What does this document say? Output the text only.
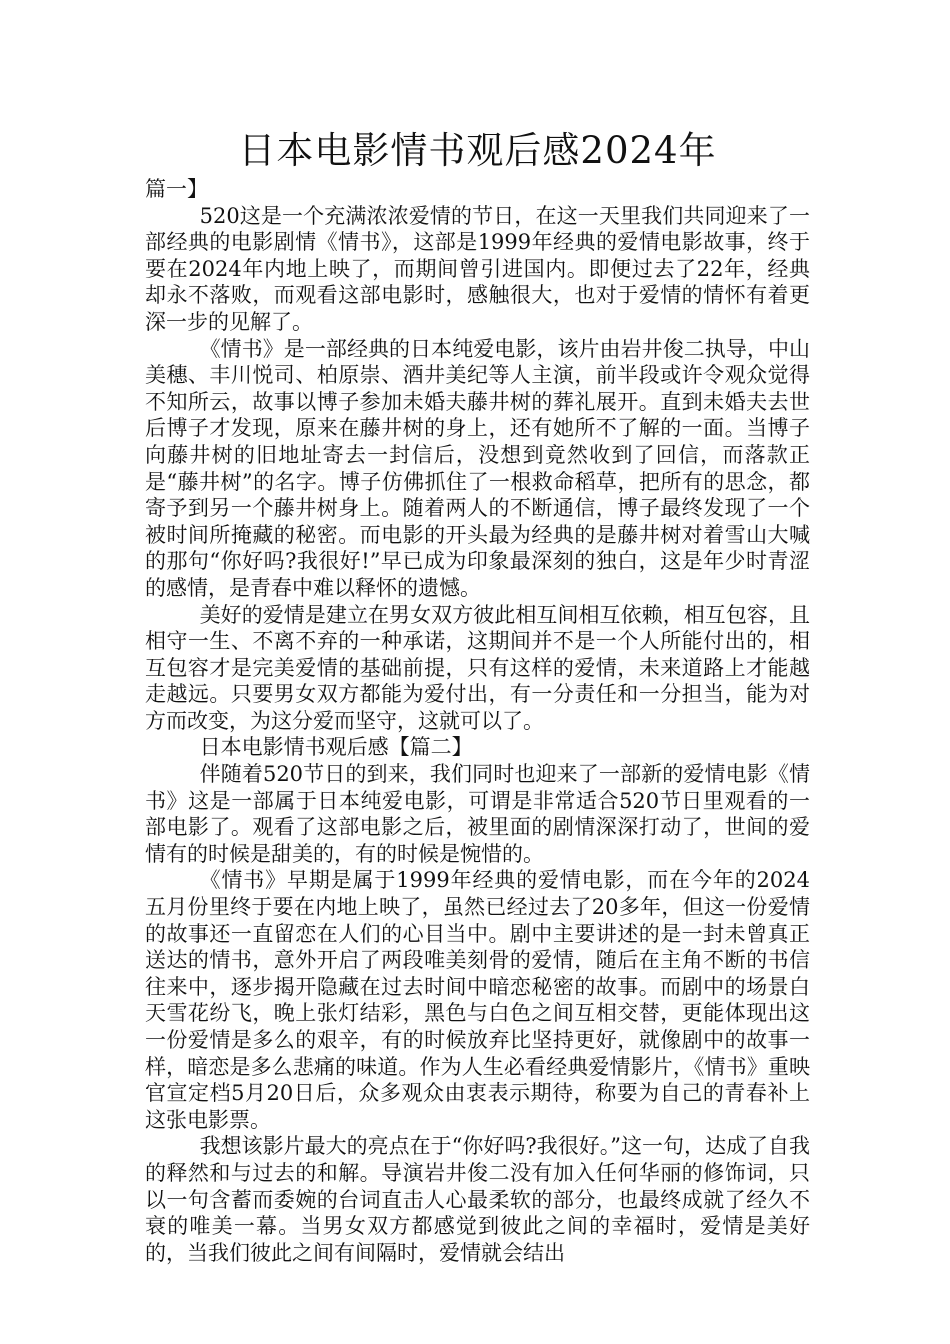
日本电影情书观后感2024年

篇一】

520这是一个充满浓浓爱情的节日，在这一天里我们共同迎来了一部经典的电影剧情《情书》，这部是1999年经典的爱情电影故事，终于要在2024年内地上映了，而期间曾引进国内。即便过去了22年，经典却永不落败，而观看这部电影时，感触很大，也对于爱情的情怀有着更深一步的见解了。

《情书》是一部经典的日本纯爱电影，该片由岩井俊二执导，中山美穗、丰川悦司、柏原崇、酒井美纪等人主演，前半段或许令观众觉得不知所云，故事以博子参加未婚夫藤井树的葬礼展开。直到未婚夫去世后博子才发现，原来在藤井树的身上，还有她所不了解的一面。当博子向藤井树的旧地址寄去一封信后，没想到竟然收到了回信，而落款正是“藤井树”的名字。博子仿佛抓住了一根救命稻草，把所有的思念，都寄予到另一个藤井树身上。随着两人的不断通信，博子最终发现了一个被时间所掩藏的秘密。而电影的开头最为经典的是藤井树对着雪山大喊的那句“你好吗?我很好!”早已成为印象最深刻的独白，这是年少时青涩的感情，是青春中难以释怀的遗憾。

美好的爱情是建立在男女双方彼此相互间相互依赖，相互包容，且相守一生、不离不弃的一种承诺，这期间并不是一个人所能付出的，相互包容才是完美爱情的基础前提，只有这样的爱情，未来道路上才能越走越远。只要男女双方都能为爱付出，有一分责任和一分担当，能为对方而改变，为这分爱而坚守，这就可以了。

日本电影情书观后感【篇二】

伴随着520节日的到来，我们同时也迎来了一部新的爱情电影《情书》这是一部属于日本纯爱电影，可谓是非常适合520节日里观看的一部电影了。观看了这部电影之后，被里面的剧情深深打动了，世间的爱情有的时候是甜美的，有的时候是惋惜的。

《情书》早期是属于1999年经典的爱情电影，而在今年的2024五月份里终于要在内地上映了，虽然已经过去了20多年，但这一份爱情的故事还一直留恋在人们的心目当中。剧中主要讲述的是一封未曾真正送达的情书，意外开启了两段唯美刻骨的爱情，随后在主角不断的书信往来中，逐步揭开隐藏在过去时间中暗恋秘密的故事。而剧中的场景白天雪花纷飞，晚上张灯结彩，黑色与白色之间互相交替，更能体现出这一份爱情是多么的艰辛，有的时候放弃比坚持更好，就像剧中的故事一样，暗恋是多么悲痛的味道。作为人生必看经典爱情影片，《情书》重映官宣定档5月20日后，众多观众由衷表示期待，称要为自己的青春补上这张电影票。

我想该影片最大的亮点在于“你好吗?我很好。”这一句，达成了自我的释然和与过去的和解。导演岩井俊二没有加入任何华丽的修饰词，只以一句含蓄而委婉的台词直击人心最柔软的部分，也最终成就了经久不衰的唯美一幕。当男女双方都感觉到彼此之间的幸福时，爱情是美好的，当我们彼此之间有间隔时，爱情就会结出
